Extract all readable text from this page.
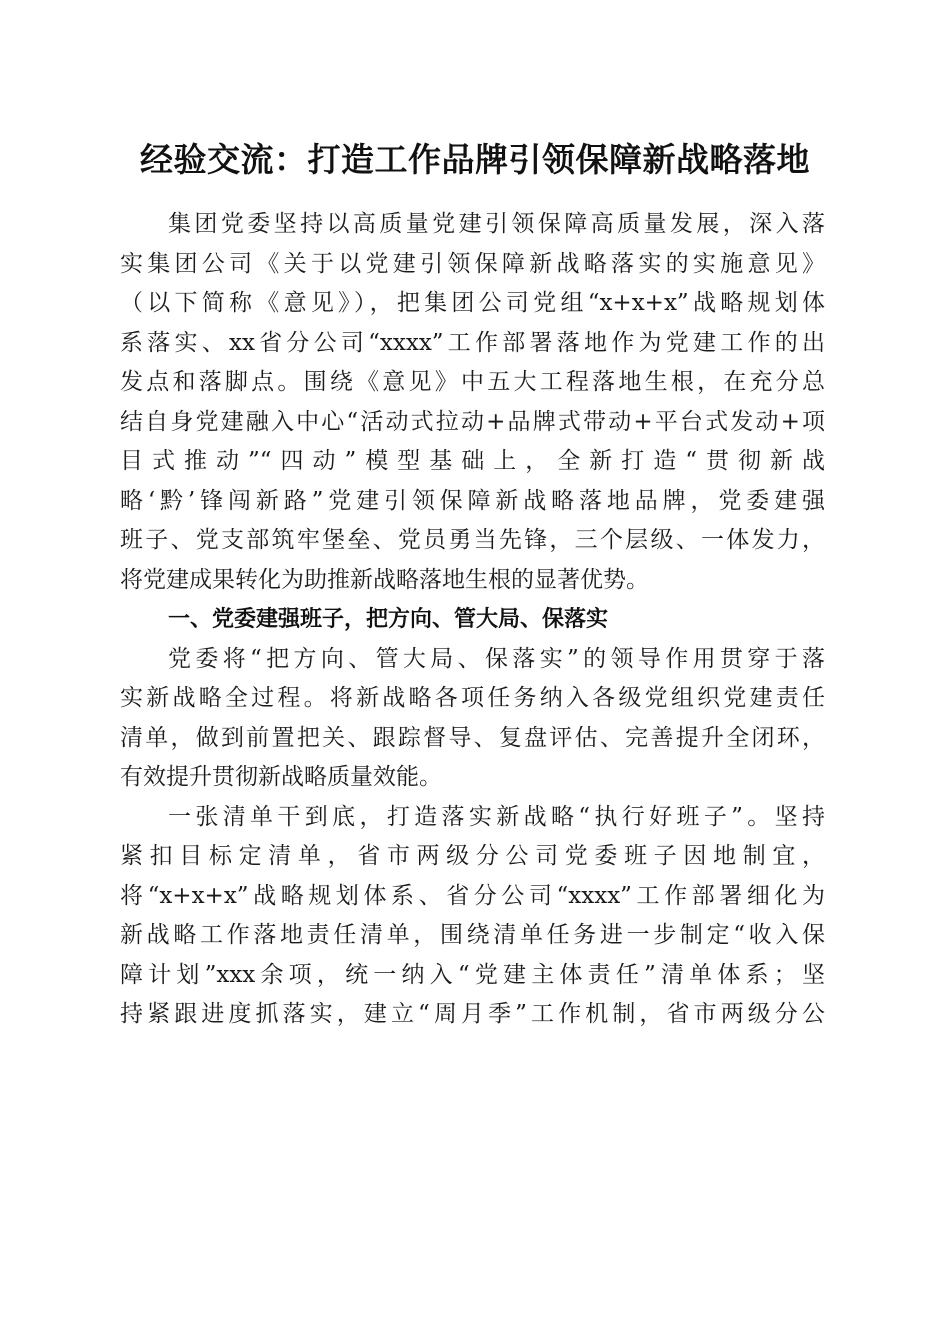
经验交流：打造工作品牌引领保障新战略落地
集团党委坚持以高质量党建引领保障高质量发展，深入落
实集团公司《关于以党建引领保障新战略落实的实施意见》
（以下简称《意见》），把集团公司党组“x+x+x”战略规划体
系落实、xx省分公司“xxxx”工作部署落地作为党建工作的出
发点和落脚点。围绕《意见》中五大工程落地生根，在充分总
结自身党建融入中心“活动式拉动+品牌式带动+平台式发动+项
目式推动”“四动”模型基础上，全新打造“贯彻新战
略‘黔’锋闯新路”党建引领保障新战略落地品牌，党委建强
班子、党支部筑牢堡垒、党员勇当先锋，三个层级、一体发力，
将党建成果转化为助推新战略落地生根的显著优势。
一、党委建强班子，把方向、管大局、保落实
党委将“把方向、管大局、保落实”的领导作用贯穿于落
实新战略全过程。将新战略各项任务纳入各级党组织党建责任
清单，做到前置把关、跟踪督导、复盘评估、完善提升全闭环，
有效提升贯彻新战略质量效能。
一张清单干到底，打造落实新战略“执行好班子”。坚持
紧扣目标定清单，省市两级分公司党委班子因地制宜，
将“x+x+x”战略规划体系、省分公司“xxxx”工作部署细化为
新战略工作落地责任清单，围绕清单任务进一步制定“收入保
障计划”xxx余项，统一纳入“党建主体责任”清单体系；坚
持紧跟进度抓落实，建立“周月季”工作机制，省市两级分公
